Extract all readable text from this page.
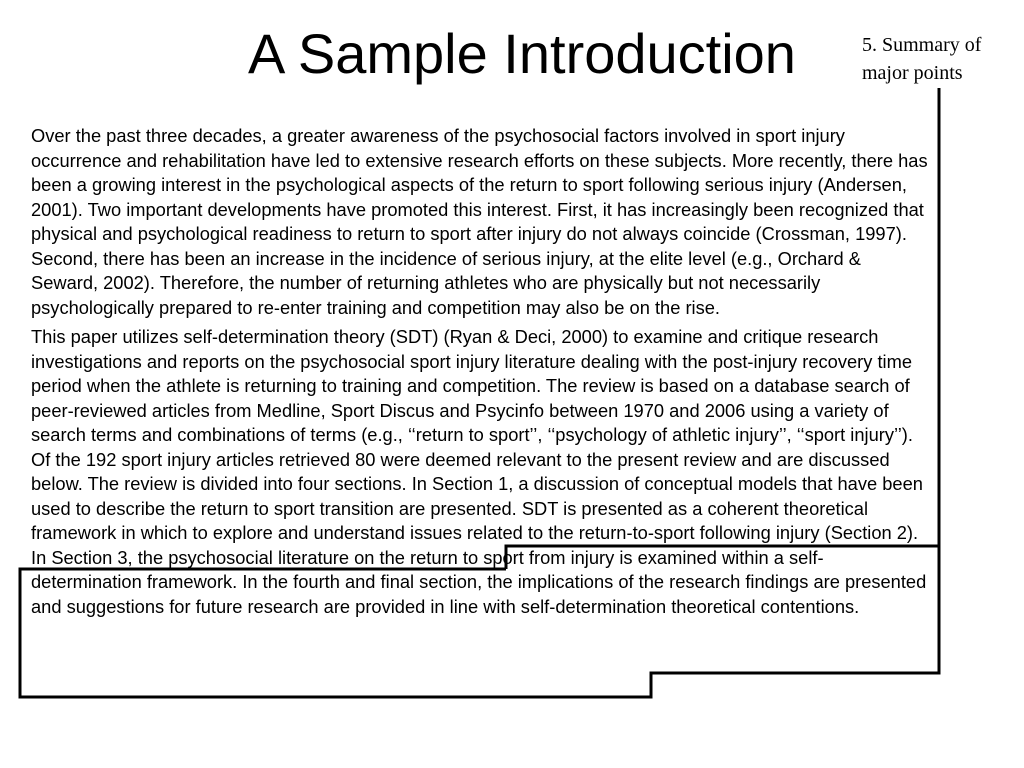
A Sample Introduction	5. Summary of major points

Over the past three decades, a greater awareness of the psychosocial factors involved in sport injury occurrence and rehabilitation have led to extensive research efforts on these subjects. More recently, there has been a growing interest in the psychological aspects of the return to sport following serious injury (Andersen, 2001). Two important developments have promoted this interest. First, it has increasingly been recognized that physical and psychological readiness to return to sport after injury do not always coincide (Crossman, 1997). Second, there has been an increase in the incidence of serious injury, at the elite level (e.g., Orchard & Seward, 2002). Therefore, the number of returning athletes who are physically but not necessarily psychologically prepared to re-enter training and competition may also be on the rise.

This paper utilizes self-determination theory (SDT) (Ryan & Deci, 2000) to examine and critique research investigations and reports on the psychosocial sport injury literature dealing with the post-injury recovery time period when the athlete is returning to training and competition. The review is based on a database search of peer-reviewed articles from Medline, Sport Discus and Psycinfo between 1970 and 2006 using a variety of search terms and combinations of terms (e.g., ‘‘return to sport’’, ‘‘psychology of athletic injury’’, ‘‘sport injury’’). Of the 192 sport injury articles retrieved 80 were deemed relevant to the present review and are discussed below. The review is divided into four sections. In Section 1, a discussion of conceptual models that have been used to describe the return to sport transition are presented. SDT is presented as a coherent theoretical framework in which to explore and understand issues related to the return-to-sport following injury (Section 2). In Section 3, the psychosocial literature on the return to sport from injury is examined within a self-determination framework. In the fourth and final section, the implications of the research findings are presented and suggestions for future research are provided in line with self-determination theoretical contentions.
